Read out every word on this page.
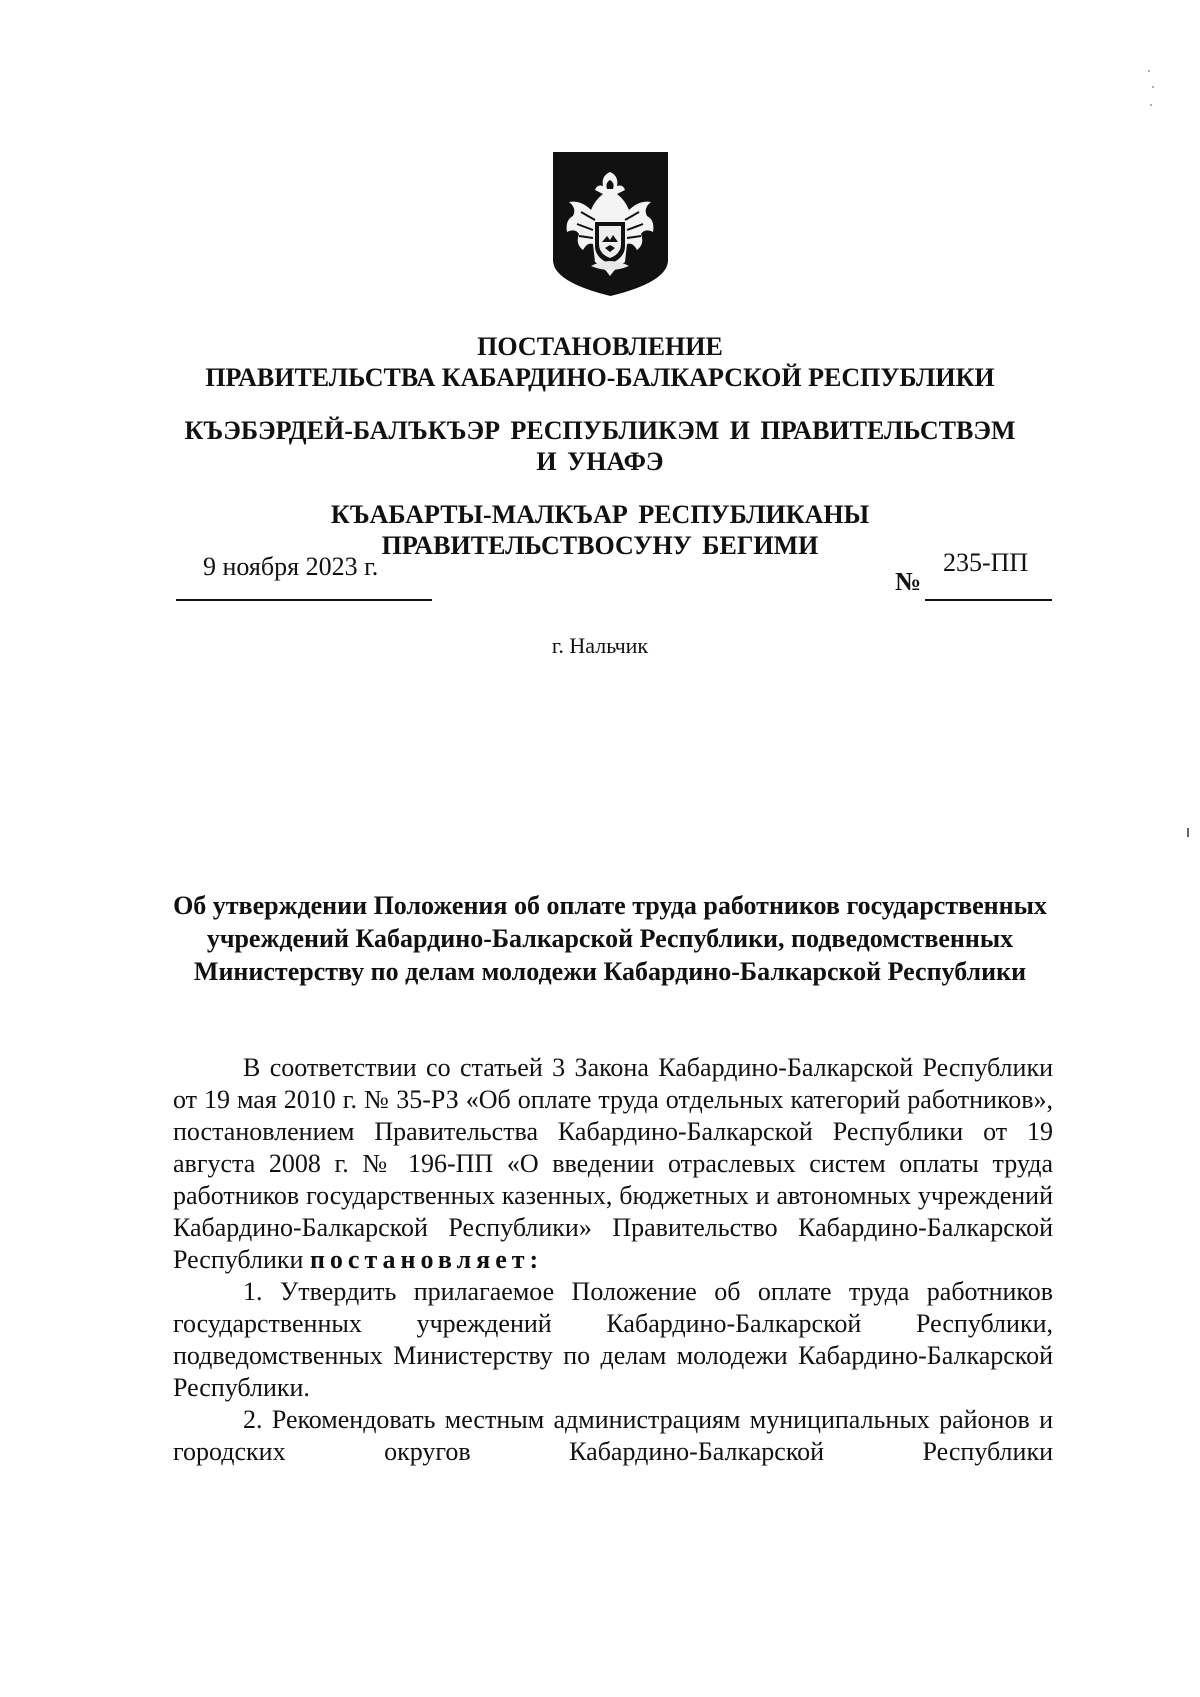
ПОСТАНОВЛЕНИЕ
ПРАВИТЕЛЬСТВА КАБАРДИНО-БАЛКАРСКОЙ РЕСПУБЛИКИ
КЪЭБЭРДЕЙ-БАЛЪКЪЭР РЕСПУБЛИКЭМ И ПРАВИТЕЛЬСТВЭМ И УНАФЭ
КЪАБАРТЫ-МАЛКЪАР РЕСПУБЛИКАНЫ ПРАВИТЕЛЬСТВОСУНУ БЕГИМИ
9 ноября 2023 г.
№
235-ПП
г. Нальчик
Об утверждении Положения об оплате труда работников государственных учреждений Кабардино-Балкарской Республики, подведомственных Министерству по делам молодежи Кабардино-Балкарской Республики

В соответствии со статьей 3 Закона Кабардино-Балкарской Республики от 19 мая 2010 г. № 35-РЗ «Об оплате труда отдельных категорий работников», постановлением Правительства Кабардино-Балкарской Республики от 19 августа 2008 г. № 196-ПП «О введении отраслевых систем оплаты труда работников государственных казенных, бюджетных и автономных учреждений Кабардино-Балкарской Республики» Правительство Кабардино-Балкарской Республики постановляет:

1. Утвердить прилагаемое Положение об оплате труда работников государственных учреждений Кабардино-Балкарской Республики, подведомственных Министерству по делам молодежи Кабардино-Балкарской Республики.

2. Рекомендовать местным администрациям муниципальных районов и городских округов Кабардино-Балкарской Республики
